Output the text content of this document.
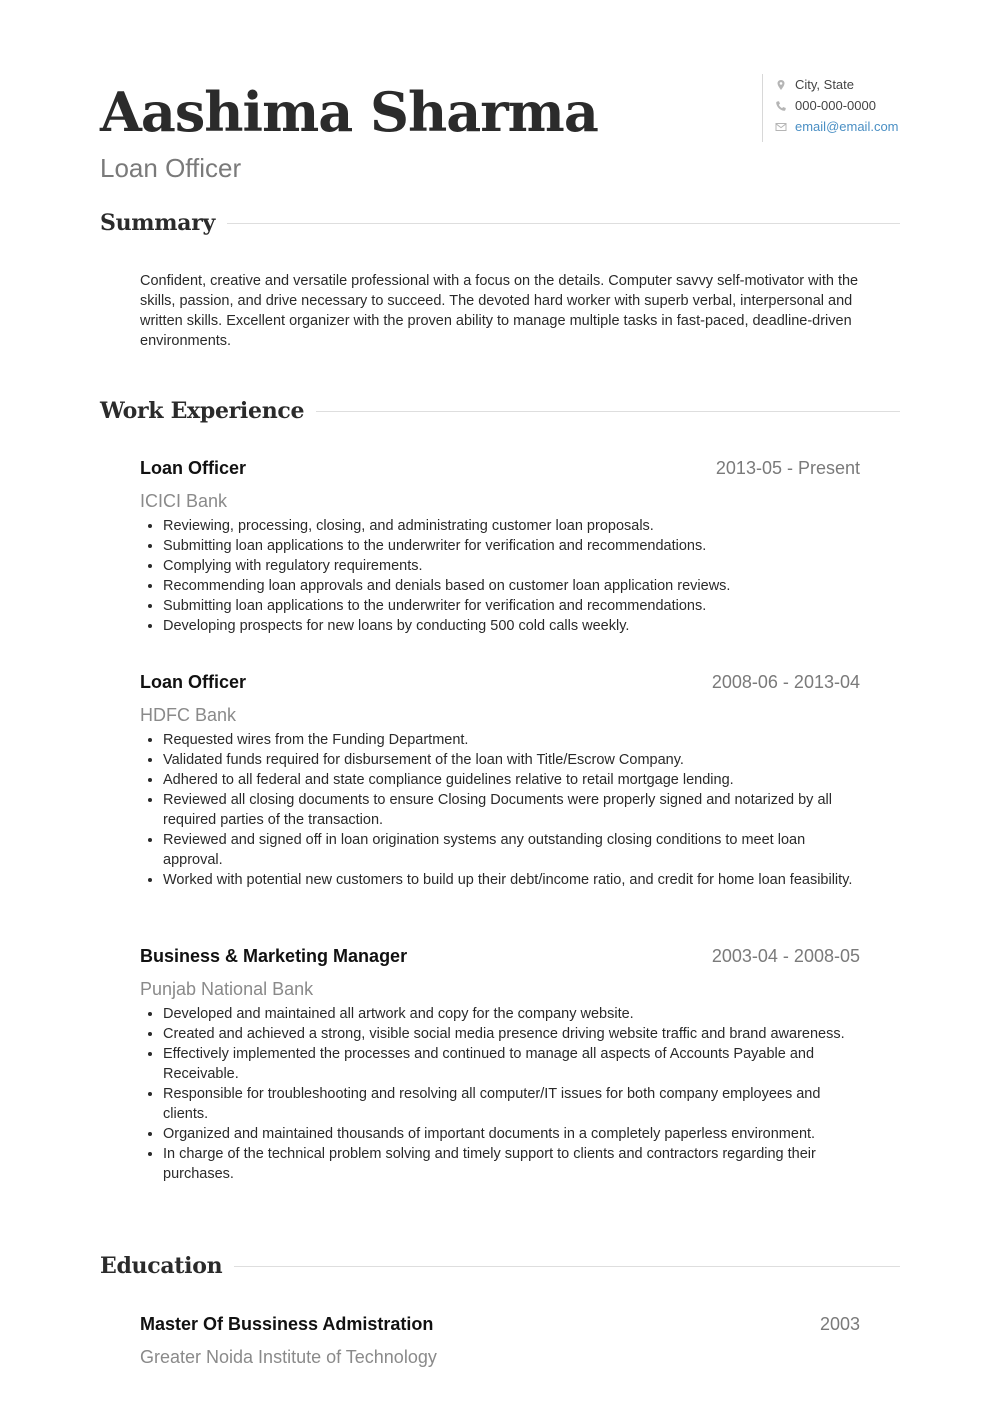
Aashima Sharma

Loan Officer

City, State
000-000-0000
email@email.com
Summary

Confident, creative and versatile professional with a focus on the details. Computer savvy self-motivator with the skills, passion, and drive necessary to succeed. The devoted hard worker with superb verbal, interpersonal and written skills. Excellent organizer with the proven ability to manage multiple tasks in fast-paced, deadline-driven environments.

Work Experience
Loan Officer	2013-05 - Present
ICICI Bank
• Reviewing, processing, closing, and administrating customer loan proposals.
• Submitting loan applications to the underwriter for verification and recommendations.
• Complying with regulatory requirements.
• Recommending loan approvals and denials based on customer loan application reviews.
• Submitting loan applications to the underwriter for verification and recommendations.
• Developing prospects for new loans by conducting 500 cold calls weekly.
Loan Officer	2008-06 - 2013-04
HDFC Bank
• Requested wires from the Funding Department.
• Validated funds required for disbursement of the loan with Title/Escrow Company.
• Adhered to all federal and state compliance guidelines relative to retail mortgage lending.
• Reviewed all closing documents to ensure Closing Documents were properly signed and notarized by all required parties of the transaction.
• Reviewed and signed off in loan origination systems any outstanding closing conditions to meet loan approval.
• Worked with potential new customers to build up their debt/income ratio, and credit for home loan feasibility.
Business & Marketing Manager	2003-04 - 2008-05
Punjab National Bank
• Developed and maintained all artwork and copy for the company website.
• Created and achieved a strong, visible social media presence driving website traffic and brand awareness.
• Effectively implemented the processes and continued to manage all aspects of Accounts Payable and Receivable.
• Responsible for troubleshooting and resolving all computer/IT issues for both company employees and clients.
• Organized and maintained thousands of important documents in a completely paperless environment.
• In charge of the technical problem solving and timely support to clients and contractors regarding their purchases.
Education
Master Of Bussiness Admistration	2003
Greater Noida Institute of Technology
